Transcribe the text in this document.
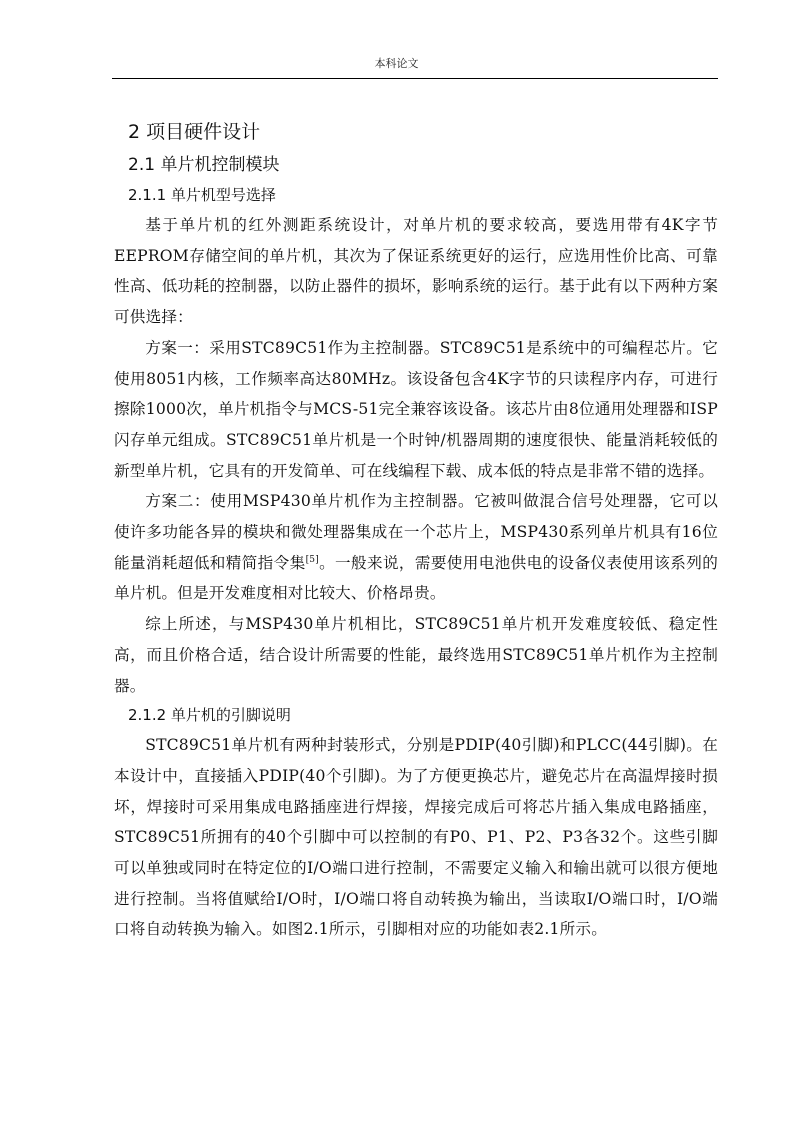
本科论文
2 项目硬件设计
2.1 单片机控制模块
2.1.1 单片机型号选择

基于单片机的红外测距系统设计，对单片机的要求较高，要选用带有4K字节EEPROM存储空间的单片机，其次为了保证系统更好的运行，应选用性价比高、可靠性高、低功耗的控制器，以防止器件的损坏，影响系统的运行。基于此有以下两种方案可供选择：

方案一：采用STC89C51作为主控制器。STC89C51是系统中的可编程芯片。它使用8051内核，工作频率高达80MHz。该设备包含4K字节的只读程序内存，可进行擦除1000次，单片机指令与MCS-51完全兼容该设备。该芯片由8位通用处理器和ISP闪存单元组成。STC89C51单片机是一个时钟/机器周期的速度很快、能量消耗较低的新型单片机，它具有的开发简单、可在线编程下载、成本低的特点是非常不错的选择。

方案二：使用MSP430单片机作为主控制器。它被叫做混合信号处理器，它可以使许多功能各异的模块和微处理器集成在一个芯片上，MSP430系列单片机具有16位能量消耗超低和精简指令集[5]。一般来说，需要使用电池供电的设备仪表使用该系列的单片机。但是开发难度相对比较大、价格昂贵。

综上所述，与MSP430单片机相比，STC89C51单片机开发难度较低、稳定性高，而且价格合适，结合设计所需要的性能，最终选用STC89C51单片机作为主控制器。

2.1.2 单片机的引脚说明

STC89C51单片机有两种封装形式，分别是PDIP(40引脚)和PLCC(44引脚)。在本设计中，直接插入PDIP(40个引脚)。为了方便更换芯片，避免芯片在高温焊接时损坏，焊接时可采用集成电路插座进行焊接，焊接完成后可将芯片插入集成电路插座，STC89C51所拥有的40个引脚中可以控制的有P0、P1、P2、P3各32个。这些引脚可以单独或同时在特定位的I/O端口进行控制，不需要定义输入和输出就可以很方便地进行控制。当将值赋给I/O时，I/O端口将自动转换为输出，当读取I/O端口时，I/O端口将自动转换为输入。如图2.1所示，引脚相对应的功能如表2.1所示。
